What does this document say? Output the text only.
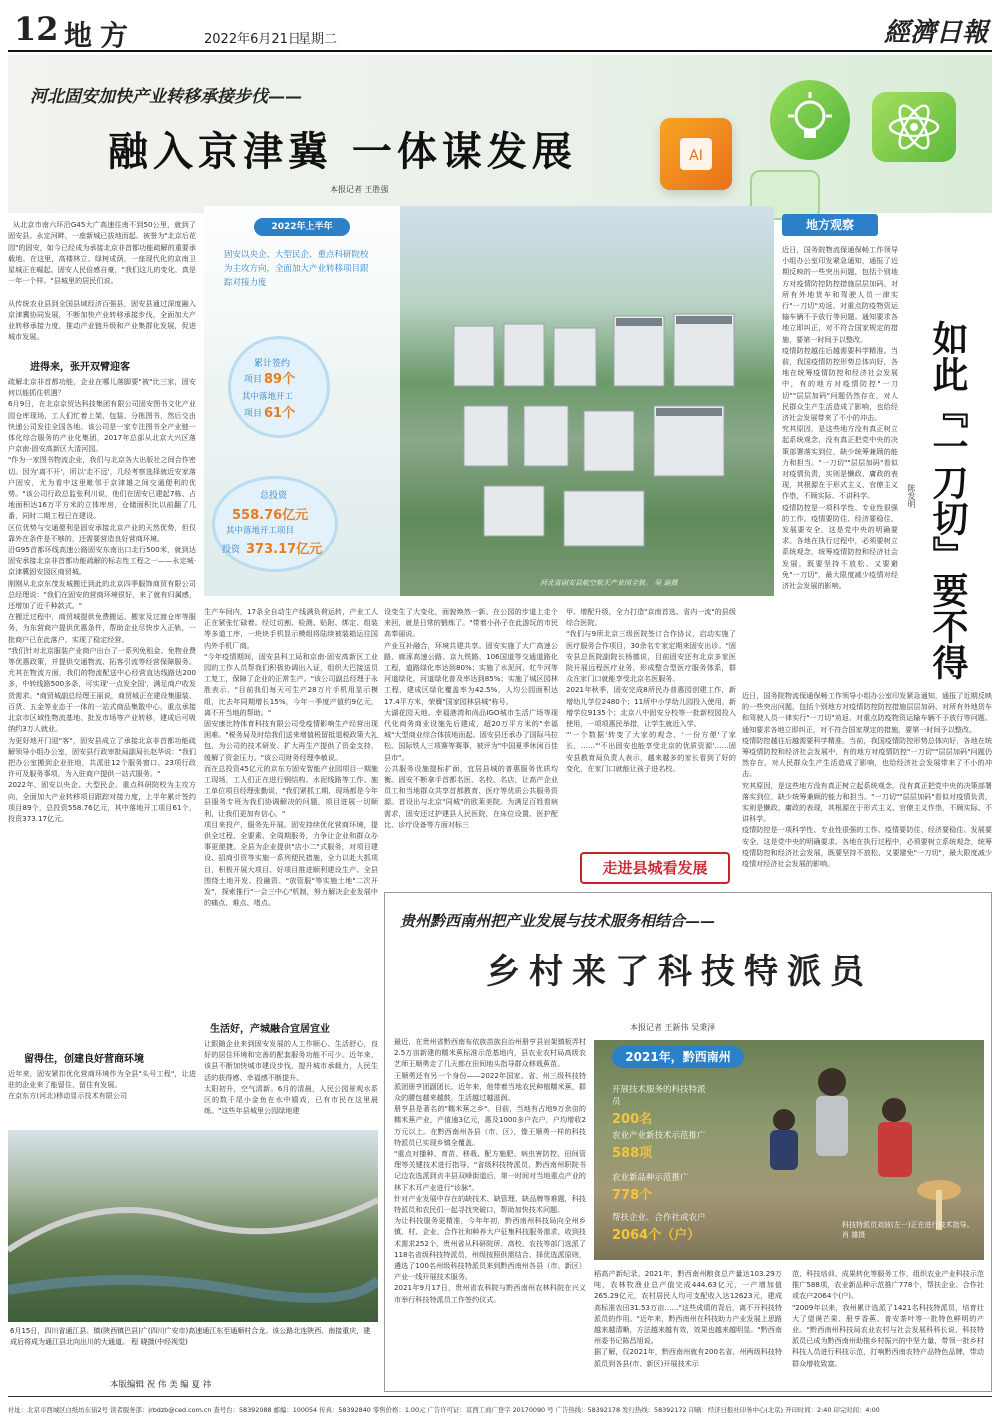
12 地方	2022年6月21日
星期二	經濟日報
AI
河北固安加快产业转移承接步伐——
融入京津冀 一体谋发展
本报记者 王胜强

从北京市南六环沿G45大广高速往南不到50公里，就到了固安县。永定河畔，一座新城已拔地而起。被誉为"北京后花园"的固安，如今已经成为承接北京非首都功能疏解的重要承载地。在这里，高楼林立、绿树成荫，一座现代化的京南卫星城正在崛起。固安人民倍感自豪，"我们这儿的变化，真是一年一个样。"县城里的居民们说。

从传统农业县到全国县域经济百强县，固安县通过深度融入京津冀协同发展，不断加快产业转移承接步伐，全面加大产业转移承接力度，推动产业链升级和产业集群化发展，促进城市发展。

进得来，张开双臂迎客
疏解北京非首都功能，企业在哪儿落脚要"被"比三家，固安何以能抓住机遇？
6月9日，在北京京贸达科技集团有限公司固安图书文化产业园仓库现场，工人们忙着上架、包装、分拣图书，然后交由快递公司发往全国各地。该公司是一家专注图书全产业链一体化综合服务的产业化集团，2017年总部从北京大兴区落户京南·固安高新区大清河园。
"作为一家图书物流企业，我们与北京各大出版社之间合作密切。因为'离不开'，所以'走不远'，几经考察选择就近安家落户固安，尤为看中这里毗邻于京津雄之间交通便利的优势。"该公司行政总监张利川说，他们在固安已建起7栋、占地面积达16万平方米的立体库房，仓储面积比以前翻了几番，同时二期工程已在建设。
区位优势与交通便利是固安承接北京产业的天然优势，但仅靠外在条件是不够的，还需要营造良好营商环境。
沿G95首都环线高速公路固安东南出口北行500米，就到达固安承接北京非首都功能疏解的标志性工程之一——永定城·京津冀固安园区商贸城。
刚刚从北京东茂发城搬迁到此的北京四季服饰商贸有限公司总经理说："我们在固安的营商环境很好，来了就有归属感，还增加了近千种款式。"
在搬迁过程中，商贸城提供免费搬运、搬家及过渡仓库等服务，为东营商户提供优惠条件，帮助企业尽快步入正轨，一批商户已在此落户，实现了稳定经营。
"我们针对北京服装产业商户出台了一系列免租金、免物业费等优惠政策，并提供交通物流、拓客引流等经营保障服务。尤其在物流方面，我们的物流配送中心经营直达线路达200多，中转线路500多条，可实现'一点发全国'，满足商户收发货需求。"商贸城副总经理王丽说，商贸城正在建设集服装、百货、五金等业态于一体的一站式商品集散中心，重点承接北京市区域性物流基地、批发市场等产业转移，建成后可吸纳约3万人就业。
为更好地开门迎"客"，固安县成立了承接北京非首都功能疏解领导小组办公室，固安县行政审批局副局长赵华说："我们把办公室搬到企业驻地，共派驻12个服务窗口、23项行政许可及服务事项，为入驻商户提供一站式服务。"
2022年，固安以央企、大型民企、重点科研院校为主攻方向，全面加大产业转移项目跟踪对接力度，上半年累计签约项目89个，总投资558.76亿元，其中落地开工项目61个，投资373.17亿元。
留得住，创建良好营商环境
近年来，固安紧扣优化营商环境作为全县"头号工程"，让进驻的企业来了能留住、留住有发展。
在京东方(河北)移动显示技术有限公司
河北省固安县航空航天产业园全貌。 吴 迪摄
2022年上半年
固安以央企、大型民企、重点科研院校为主攻方向，全面加大产业转移项目跟踪对接力度
累计签约
项目 89个
其中落地开工
项目 61个
总投资
558.76亿元
其中落地开工项目
投资 373.17亿元
生产车间内，17条全自动生产线满负荷运转，产业工人正在紧张忙碌着。经过切割、检测、贴附、绑定、组装等多道工序，一块块手机显示模组将陆续被装箱运往国内外手机厂商。
"今年疫情期间，固安县科工局和京南·固安高新区工业园的工作人员帮我们积极协调出入证，组织大巴接送员工复工，保障了企业的正常生产。"该公司副总经理于永胜表示，"目前我们每天可生产28万片手机用显示模组，比去年同期增长15%，今年一季度产值约9亿元，离不开当地的帮助。"
固安康比特体育科技有限公司受疫情影响生产经营出现困难。"税务局及时给我们送来增值税留抵退税政策大礼包，为公司的技术研发、扩大再生产提供了资金支持，缓解了资金压力。"该公司财务经理李敏说。
而在总投资45亿元的京东方固安智能产业园项目一期施工现场，工人们正在进行钢结构、水泥线路等工作。施工单位项目经理张勤说，"我们紧抓工期，现场都是今年县服务专班为我们协调解决的问题，项目进展一切顺利，让我们更加有信心。"
项目来投产，服务先开展。固安持续优化营商环境，提供全过程、全要素、全周期服务，力争让企业和群众办事更便捷。全县为企业提供"店小二"式服务，对项目建设、招商引资等实施一系列便民措施，全力以赴大抓项目，积极开展大项目、好项目推进顺利建设生产。全县围绕土地开发、投融资、"放管服"等实施土地"二次开发"，探索推行"一会三中心"机制，努力解决企业发展中的痛点、难点、堵点。
生活好，产城融合宜居宜业
让跟随企业来到固安发展的人工作顺心、生活舒心，良好的居住环境和完善的配套服务功能不可少。近年来，该县不断加快城市建设步伐，提升城市承载力，人民生活的获得感、幸福感不断提升。
太阳初升，空气清新。6月的清晨，人民公园景观水系区的数千尾小金鱼在水中嬉戏，已有市民在这里晨练。"这些年县城里公园绿地建
设变生了大变化，面貌焕然一新。在公园的步道上走个来回，就是日常的锻炼了。"带着小孙子在此游玩的市民高奉丽说。
产业互补融合，环境共建共享。固安实施了大广高速公路、廊涿高速公路、京九铁路、106国道等交通道路化工程，道路绿化率达到80%；实施了水泥河、牤牛河等河道绿化，河道绿化普及率达到85%；实施了城区园林工程，建成区绿化覆盖率为42.5%，人均公园面积达17.4平方米，荣膺"国家园林县城"称号。
大湖花园天地、幸福港湾和尚品IGO城市生活广场等现代化商务商业设施先后建成，超20万平方米的"幸福城"大型商业综合体拔地而起。固安县还承办了国际马拉松、国际铁人三项赛等赛事，被评为"中国夏季休闲百佳县市"。
公共服务设施提标扩面，宜居县城的普惠服务优质均衡。固安不断拿手首都名医、名校、名店，让高产企业员工和当地群众共享首都教育、医疗等优质公共服务资源。首设出与北京"同城"的欧莱美院。为满足百姓看病需求，固安还过护建县人民医院，在床位设置、医护配比、诊疗设备等方面对标三
甲、增配升级，全力打造"京南首选、省内一流"的县级综合医院。
"我们与9所北京三级医院签订合作协议，启动实施了医疗服务合作项目，30余名专家定期来固安出诊。"固安县总医院副院长杨德说，目前固安还有北京多家医院开展远程医疗业务，形成整合型医疗服务体系，群众在家门口就能享受北京名医服务。
2021年秋季，固安完成8所民办普惠园创建工作，新增幼儿学位2480个；11所中小学幼儿园投入使用，新增学位9135个；北京八中固安分校等一批新校园投入使用，一项项惠民举措，让学生就近入学。
"'一个数据'转变了大家的观念，'一份方便'了家长，……"'不出固安也能享受北京的优质资源'……固安县教育局负责人表示，越来越多的家长看到了好的变化，在家门口就能让孩子进名校。
走进县城看发展
地方观察
近日，国务院物流保通保畅工作领导小组办公室印发紧急通知，通报了近期反映的一些突出问题，包括个别地方对疫情防控防控措施层层加码、对所有外地货车和驾驶人员一律实行"一刀切"劝返、对重点防疫物资运输车辆不予放行等问题。通知要求各地立即纠正，对不符合国家规定的措施，要第一时间予以整改。
疫情防控越往后越需要科学精准。当前，我国疫情防控形势总体向好，各地在统筹疫情防控和经济社会发展中，有的地方对疫情防控"一刀切""层层加码"问题仍然存在，对人民群众生产生活造成了影响，也给经济社会发展带来了不小的冲击。
究其原因，是这些地方没有真正树立起系统观念，没有真正把党中央的决策部署落实到位，缺少统筹兼顾的能力和担当。"一刀切""层层加码"看似对疫情负责，实则是懒政、庸政的表现，其根源在于形式主义、官僚主义作祟，不顾实际、不讲科学。
疫情防控是一项科学性、专业性很强的工作。疫情要防住、经济要稳住、发展要安全，这是党中央的明确要求。各地在执行过程中，必须要树立系统观念，统筹疫情防控和经济社会发展，既要坚持不放松、又要避免"一刀切"，最大限度减少疫情对经济社会发展的影响。	如此『一刀切』要不得
陈发明
近日，国务院物流保通保畅工作领导小组办公室印发紧急通知，通报了近期反映的一些突出问题，包括个别地方对疫情防控防控措施层层加码、对所有外地货车和驾驶人员一律实行"一刀切"劝返、对重点防疫物资运输车辆不予放行等问题。通知要求各地立即纠正，对不符合国家规定的措施，要第一时间予以整改。
疫情防控越往后越需要科学精准。当前，我国疫情防控形势总体向好，各地在统筹疫情防控和经济社会发展中，有的地方对疫情防控"一刀切""层层加码"问题仍然存在，对人民群众生产生活造成了影响，也给经济社会发展带来了不小的冲击。
究其原因，是这些地方没有真正树立起系统观念，没有真正把党中央的决策部署落实到位，缺少统筹兼顾的能力和担当。"一刀切""层层加码"看似对疫情负责，实则是懒政、庸政的表现，其根源在于形式主义、官僚主义作祟，不顾实际、不讲科学。
疫情防控是一项科学性、专业性很强的工作。疫情要防住、经济要稳住、发展要安全，这是党中央的明确要求。各地在执行过程中，必须要树立系统观念，统筹疫情防控和经济社会发展，既要坚持不放松、又要避免"一刀切"，最大限度减少疫情对经济社会发展的影响。
贵州黔西南州把产业发展与技术服务相结合——
乡村来了科技特派员
本报记者 王新伟 吴秉泽
最近，在贵州省黔西南布依族苗族自治州册亨县岩架镇板弄村2.5万亩新建的糯米蕉标准示范基地内，县农业农村局高级农艺师王顺勇走了几天都在田间地头指导群众移栽蕉苗。
王顺勇还有另一个身份——2022年国家、省、州三级科技特派团册亨团副团长。近年来，他带着当地农民种植糯米蕉，群众的腰包越来越鼓，生活越过越滋润。
册亨县是著名的"糯米蕉之乡"。目前，当地有占地9万余亩的糯米蕉产业，产值逾3亿元，惠及1000多户农户，户均增收2万元以上。在黔西南州各县（市、区），像王顺勇一样的科技特派员已实现乡镇全覆盖。
"重点对播种、育苗、移栽、配方施肥、病虫害防控、田间管理等关键技术进行指导。"省级科技特派员、黔西南州职院书记边农选派到贞丰县双峰街道后，第一时间对当地重点产业的林下木耳产业进行"诊脉"。
针对产业发展中存在的缺技术、缺管理、缺品牌等难题，科技特派员和农民们一起寻找突破口，帮助加快技术问题。
为让科技服务更精准，今年年初，黔西南州科技局向全州乡镇、村、企业、合作社和种养大户征集科技服务需求，收到技术需求252个。贵州省从科研院所、高校、农技等部门选派了118名省级科技特派员，州级按照供需结合、择优选派原则，遴选了100名州级科技特派员来到黔西南州各县（市、新区）产业一线开展技术服务。
2021年9月17日，贵州省农科院与黔西南州农林科院在兴义市举行科技特派员工作签约仪式。
2021年，黔西南州
开展技术服务的科技特派员
200名
农业产业新技术示范推广
588项
农业新品种示范推广
778个
帮扶企业、合作社或农户
2064个（户）
科技特派员刘波(左一)正在进行技术指导。 肖 雄摄
稻高产新纪录。2021年，黔西南州粮食总产量达103.29万吨，农林牧渔业总产值完成444.63亿元，一产增加值265.29亿元，农村居民人均可支配收入达12623元，建成高标准农田31.53万亩……"这些成绩的背后，离不开科技特派员的作用。"近年来，黔西南州在科技助力产业发展上思路越来越清晰，方法越来越有效，效果也越来越明显。"黔西南州委书记陈昌旭说。
据了解，仅2021年，黔西南州就有200名省、州两级科技特派员到各县(市、新区)开展技术示
范、科技培训、成果转化等服务工作，组织农业产业科技示范推广588项，农业新品种示范推广778个，帮扶企业、合作社或农户2064个(户)。
"2009年以来，我州累计选派了1421名科技特派员，培育壮大了望谟芒果、册亨香蕉、普安茶叶等一批特色鲜明的产业。"黔西南州科技局农业农村与社会发展科科长说，科技特派员已成为黔西南州助推乡村振兴的中坚力量，带领一批乡村科技人员进行科技示范，打响黔西南农特产品特色品牌，带动群众增收致富。
6月15日，四川省通江县、镇(陕西镇巴县)广(四川广安市)高速通江东至通顺村合龙。该公路北连陕西、南接重庆，建成后将成为通江县北向出川的大通道。 程 晓摄(中经视觉)
本版编辑 祝 伟 美 编 夏 祎
社址：北京市西城区白纸坊东街2号 读者服务部：jrbdzb@ced.com.cn 查号台：58392088 邮编：100054 传真：58392840 零售价格：1.00元 广告许可证：京西工商广登字 20170090 号 广告热线：58392178 发行热线：58392172 印刷：经济日报社印务中心(北京) 开印时间：2:40 印完时间：4:00
